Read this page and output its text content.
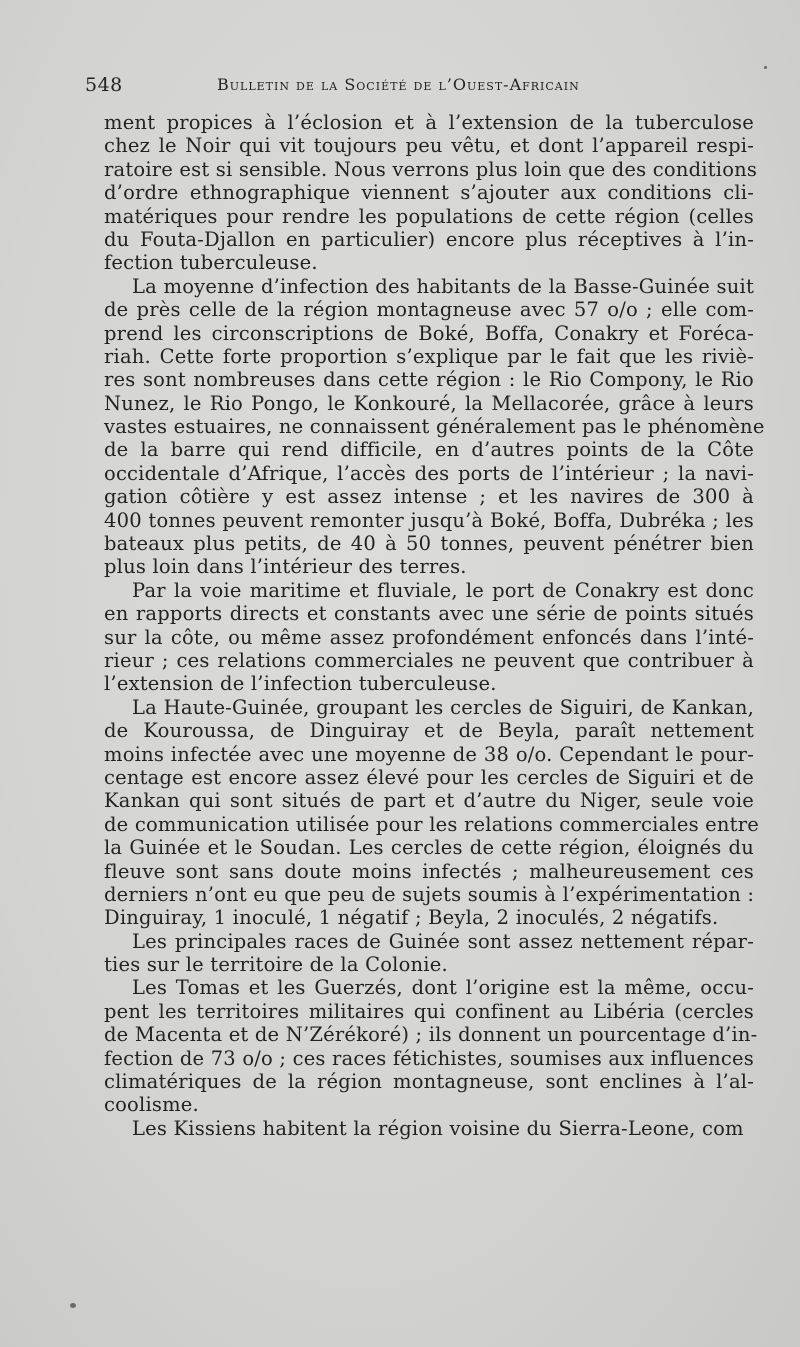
548	Bulletin de la Société de l’Ouest-Africain
ment propices à l’éclosion et à l’extension de la tuberculose
chez le Noir qui vit toujours peu vêtu, et dont l’appareil respi-
ratoire est si sensible. Nous verrons plus loin que des conditions
d’ordre ethnographique viennent s’ajouter aux conditions cli-
matériques pour rendre les populations de cette région (celles
du Fouta-Djallon en particulier) encore plus réceptives à l’in-
fection tuberculeuse.
La moyenne d’infection des habitants de la Basse-Guinée suit
de près celle de la région montagneuse avec 57 o/o ; elle com-
prend les circonscriptions de Boké, Boffa, Conakry et Foréca-
riah. Cette forte proportion s’explique par le fait que les riviè-
res sont nombreuses dans cette région : le Rio Compony, le Rio
Nunez, le Rio Pongo, le Konkouré, la Mellacorée, grâce à leurs
vastes estuaires, ne connaissent généralement pas le phénomène
de la barre qui rend difficile, en d’autres points de la Côte
occidentale d’Afrique, l’accès des ports de l’intérieur ; la navi-
gation côtière y est assez intense ; et les navires de 300 à
400 tonnes peuvent remonter jusqu’à Boké, Boffa, Dubréka ; les
bateaux plus petits, de 40 à 50 tonnes, peuvent pénétrer bien
plus loin dans l’intérieur des terres.
Par la voie maritime et fluviale, le port de Conakry est donc
en rapports directs et constants avec une série de points situés
sur la côte, ou même assez profondément enfoncés dans l’inté-
rieur ; ces relations commerciales ne peuvent que contribuer à
l’extension de l’infection tuberculeuse.
La Haute-Guinée, groupant les cercles de Siguiri, de Kankan,
de Kouroussa, de Dinguiray et de Beyla, paraît nettement
moins infectée avec une moyenne de 38 o/o. Cependant le pour-
centage est encore assez élevé pour les cercles de Siguiri et de
Kankan qui sont situés de part et d’autre du Niger, seule voie
de communication utilisée pour les relations commerciales entre
la Guinée et le Soudan. Les cercles de cette région, éloignés du
fleuve sont sans doute moins infectés ; malheureusement ces
derniers n’ont eu que peu de sujets soumis à l’expérimentation :
Dinguiray, 1 inoculé, 1 négatif ; Beyla, 2 inoculés, 2 négatifs.
Les principales races de Guinée sont assez nettement répar-
ties sur le territoire de la Colonie.
Les Tomas et les Guerzés, dont l’origine est la même, occu-
pent les territoires militaires qui confinent au Libéria (cercles
de Macenta et de N’Zérékoré) ; ils donnent un pourcentage d’in-
fection de 73 o/o ; ces races fétichistes, soumises aux influences
climatériques de la région montagneuse, sont enclines à l’al-
coolisme.
Les Kissiens habitent la région voisine du Sierra-Leone, com
